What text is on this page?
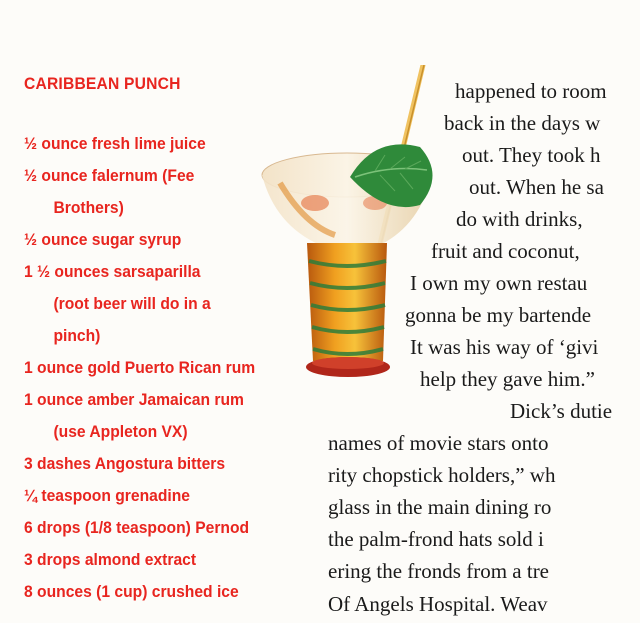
CARIBBEAN PUNCH
½ ounce fresh lime juice
½ ounce falernum (Fee
Brothers)
½ ounce sugar syrup
1 ½ ounces sarsaparilla
(root beer will do in a
pinch)
1 ounce gold Puerto Rican rum
1 ounce amber Jamaican rum
(use Appleton VX)
3 dashes Angostura bitters
¼ teaspoon grenadine
6 drops (1/8 teaspoon) Pernod
3 drops almond extract
8 ounces (1 cup) crushed ice
happened to room
back in the days w
out. They took h
out. When he sa
do with drinks,
fruit and coconut,
I own my own restau
gonna be my bartende
It was his way of ‘givi
help they gave him.”
Dick’s dutie
names of movie stars onto
rity chopstick holders,” wh
glass in the main dining ro
the palm-frond hats sold i
ering the fronds from a tre
Of Angels Hospital. Weav
